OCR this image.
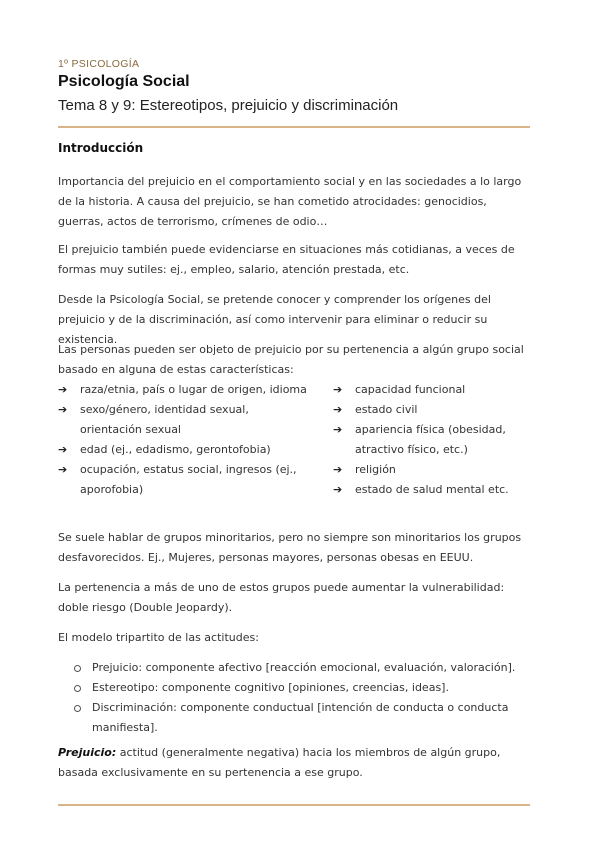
1º PSICOLOGÍA
Psicología Social
Tema 8 y 9: Estereotipos, prejuicio y discriminación
Introducción
Importancia del prejuicio en el comportamiento social y en las sociedades a lo largo de la historia. A causa del prejuicio, se han cometido atrocidades: genocidios, guerras, actos de terrorismo, crímenes de odio…
El prejuicio también puede evidenciarse en situaciones más cotidianas, a veces de formas muy sutiles: ej., empleo, salario, atención prestada, etc.
Desde la Psicología Social, se pretende conocer y comprender los orígenes del prejuicio y de la discriminación, así como intervenir para eliminar o reducir su existencia.
Las personas pueden ser objeto de prejuicio por su pertenencia a algún grupo social basado en alguna de estas características:
➔ raza/etnia, país o lugar de origen, idioma
➔ sexo/género, identidad sexual, orientación sexual
➔ edad (ej., edadismo, gerontofobia)
➔ ocupación, estatus social, ingresos (ej., aporofobia)
➔ capacidad funcional
➔ estado civil
➔ apariencia física (obesidad, atractivo físico, etc.)
➔ religión
➔ estado de salud mental etc.
Se suele hablar de grupos minoritarios, pero no siempre son minoritarios los grupos desfavorecidos. Ej., Mujeres, personas mayores, personas obesas en EEUU.
La pertenencia a más de uno de estos grupos puede aumentar la vulnerabilidad: doble riesgo (Double Jeopardy).
El modelo tripartito de las actitudes:
Prejuicio: componente afectivo [reacción emocional, evaluación, valoración].
Estereotipo: componente cognitivo [opiniones, creencias, ideas].
Discriminación: componente conductual [intención de conducta o conducta manifiesta].
Prejuicio: actitud (generalmente negativa) hacia los miembros de algún grupo, basada exclusivamente en su pertenencia a ese grupo.
